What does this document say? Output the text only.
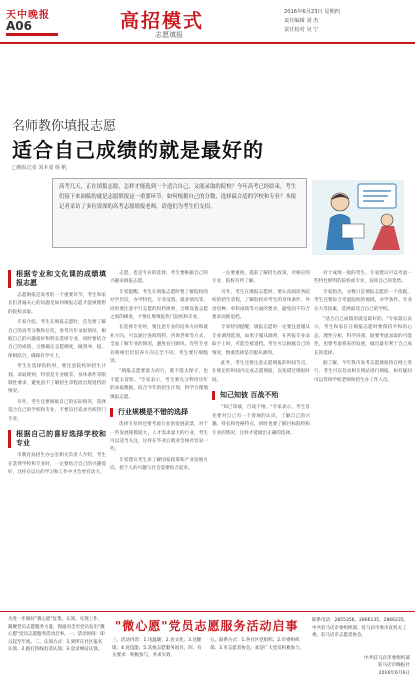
天中晚报
A06	高招模式
志愿填报
2016年6月23日 星期四
责任编辑 刘 杰
责任校对 吴 宁
名师教你填报志愿
适合自己成绩的就是最好的
□晚报记者 刘本成 杨 帆
高考几天，正在填报志愿，怎样才能选到一个适合自己、又能录取的院校？今年高考已经结束，考生们接下来面临的就是志愿填报这一重要环节。如何根据自己的分数，选择最合适的学校和专业？本报记者采访了多位资深的高考志愿填报老师，请他们为考生们支招。
根据专业和文化课的成绩填报志愿

志愿填报是高考的一个重要环节，考生和家长们普遍关心的问题是如何填报志愿才能被理想的院校录取。

专家介绍，考生在填报志愿时，首先要了解自己的高考分数和位次，参考历年录取情况，根据自己的兴趣爱好和特长选择专业，同时要结合自己的成绩，合理确定志愿梯度，做到冲、稳、保相结合，确保有学可上。

考生在选择院校时，要注意院校的招生计划、录取规则，特别是专业级差、身体条件等限制性要求，避免因不了解招生章程而出现退档的情况。

另外，考生还要根据自己的实际情况，选择适合自己的学校和专业，不要盲目追求名校热门专业。

根据自己的喜好选择学校和专业

市教育局招生办公室相关负责人介绍，考生在选择学校和专业时，一定要结合自己的兴趣爱好，这样在以后的学习和工作中才会更有动力。

志愿，也是专业的选择，考生要根据自己的兴趣来填报志愿。

专家提醒，考生在填报志愿时要了解院校的办学层次、办学特色、专业设置、就业情况等，同时要注意平行志愿的投档规则，合理设置志愿之间的梯度，不要扎堆填报热门院校和专业。

在选择专业时，要注意专业的培养方向和就业方向，可以通过查阅资料、咨询老师等方式，全面了解专业的情况，避免盲目跟风。有些专业名称相近但培养方向完全不同，考生要仔细甄别。

"填报志愿要量力而行，既不能太保守，也不能太冒险。"专家表示，考生要充分利用历年的录取数据，结合今年的招生计划，科学合理地填报志愿。

行业规模是不错的选择

选择专业时还要考虑行业的发展前景，对于一些发展规模较大、人才需求量大的行业，考生可以适当关注，这样在毕业后就业会相对容易一些。

专家建议考生多了解国家政策和产业发展方向，把个人的兴趣与社会需要结合起来。

一定要重视，提前了解招生政策，对相应的专业、院校有所了解。

另外，考生在填报志愿时，要认真阅读各院校的招生章程，了解院校对考生的身体条件、外语语种、单科成绩等方面的要求，避免因不符合要求而被退档。

专家特别提醒，填报志愿时一定要注意服从专业调剂选项，如果不服从调剂，在所报专业录取不上时，可能会被退档。考生可以根据自己的情况，慎重选择是否服从调剂。

此外，考生还要注意志愿填报的时间节点，在规定的时间内完成志愿填报，以免错过填报时间。

知己知彼 百战不殆

"知己知彼，百战不殆。"专家表示，考生首先要对自己有一个客观的认识，了解自己的兴趣、特长和性格特点，同时也要了解目标院校和专业的情况，这样才能做出正确的选择。

对于成绩一般的考生，专家建议可以考虑一些特色鲜明的院校或专业，发挥自己的优势。

专家指出，分数只是填报志愿的一个依据，考生还要综合考虑院校的地域、办学条件、专业实力等因素，选择最适合自己的学校。

"适合自己成绩的就是最好的。"专家最后表示，考生和家长在填报志愿时要保持平和的心态，理性分析，科学决策，既要考虑录取的可能性，也要考虑将来的发展，做出最有利于自己成长的选择。

据了解，今年我市高考志愿填报将在网上进行，考生可以登录相关网站进行填报，如有疑问可以咨询学校老师和招生办工作人员。

为进一步做好"微心愿"征集、认领、兑现工作，凝聚党员志愿服务力量，现面向全市党员发出"微心愿"党员志愿服务活动启事。一、活动时间：即日起至年底。二、认领方式：1.到所在社区报名认领；2.拨打热线电话认领；3.登录网站认领。
"微心愿"党员志愿服务活动启事
三、活动内容：1.送温暖；2.送文化；3.送健康；4.送技能；5.其他志愿服务项目。四、有关要求：积极参与，务求实效。
五、联系方式：1.各社区党组织；2.市委组织部；3.市志愿者协会。欢迎广大党员积极参与。
联系电话：2855356、2866135、2866235。中共驻马店市委组织部、驻马店市委市直机关工委、驻马店市志愿者协会。
中共驻马店市委组织部
驻马店市晚报社
2016年6月6日
